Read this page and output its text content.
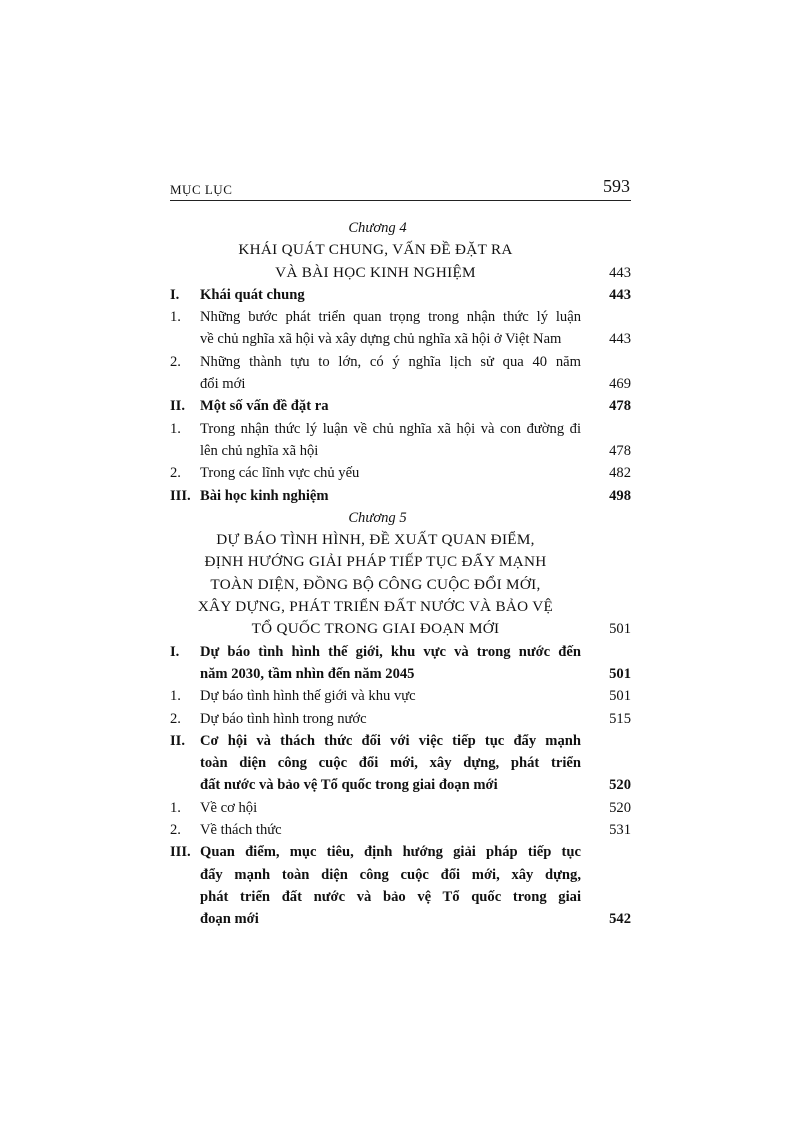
MỤC LỤC	593
Chương 4
KHÁI QUÁT CHUNG, VẤN ĐỀ ĐẶT RA
VÀ BÀI HỌC KINH NGHIỆM	443
I.	Khái quát chung	443
1.	Những bước phát triển quan trọng trong nhận thức lý luận
về chủ nghĩa xã hội và xây dựng chủ nghĩa xã hội ở Việt Nam	443
2.	Những thành tựu to lớn, có ý nghĩa lịch sử qua 40 năm
đổi mới	469
II.	Một số vấn đề đặt ra	478
1.	Trong nhận thức lý luận về chủ nghĩa xã hội và con đường đi
lên chủ nghĩa xã hội	478
2.	Trong các lĩnh vực chủ yếu	482
III. Bài học kinh nghiệm	498
Chương 5
DỰ BÁO TÌNH HÌNH, ĐỀ XUẤT QUAN ĐIỂM,
ĐỊNH HƯỚNG GIẢI PHÁP TIẾP TỤC ĐẨY MẠNH
TOÀN DIỆN, ĐỒNG BỘ CÔNG CUỘC ĐỔI MỚI,
XÂY DỰNG, PHÁT TRIỂN ĐẤT NƯỚC VÀ BẢO VỆ
TỔ QUỐC TRONG GIAI ĐOẠN MỚI	501
I.	Dự báo tình hình thế giới, khu vực và trong nước đến
năm 2030, tầm nhìn đến năm 2045	501
1.	Dự báo tình hình thế giới và khu vực	501
2.	Dự báo tình hình trong nước	515
II.	Cơ hội và thách thức đối với việc tiếp tục đẩy mạnh
toàn diện công cuộc đổi mới, xây dựng, phát triển
đất nước và bảo vệ Tổ quốc trong giai đoạn mới	520
1.	Về cơ hội	520
2.	Về thách thức	531
III. Quan điểm, mục tiêu, định hướng giải pháp tiếp tục
đẩy mạnh toàn diện công cuộc đổi mới, xây dựng,
phát triển đất nước và bảo vệ Tổ quốc trong giai
đoạn mới	542
